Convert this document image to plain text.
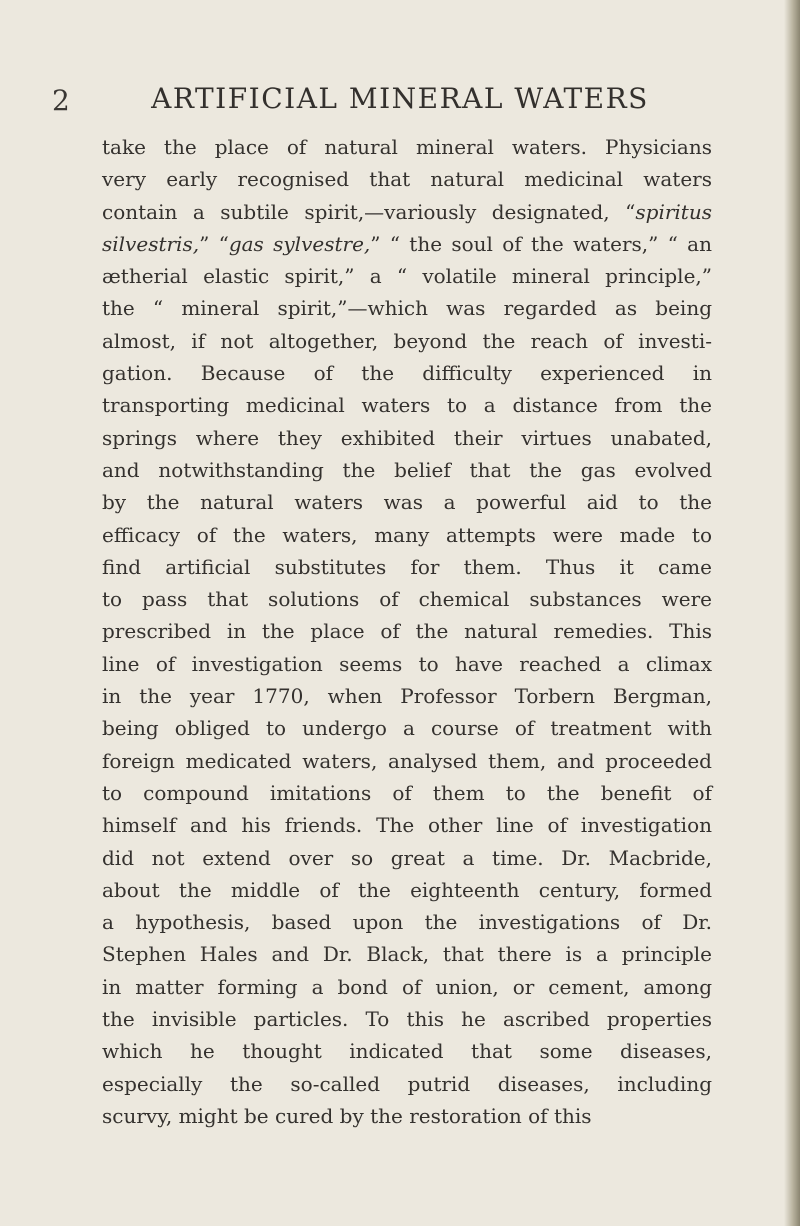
2	ARTIFICIAL MINERAL WATERS
take the place of natural mineral waters. Physicians
very early recognised that natural medicinal waters
contain a subtile spirit,—variously designated, “spiritus
silvestris,” “gas sylvestre,” “ the soul of the waters,” “ an
ætherial elastic spirit,” a “ volatile mineral principle,”
the “ mineral spirit,”—which was regarded as being
almost, if not altogether, beyond the reach of investi-
gation. Because of the difficulty experienced in
transporting medicinal waters to a distance from the
springs where they exhibited their virtues unabated,
and notwithstanding the belief that the gas evolved
by the natural waters was a powerful aid to the
efficacy of the waters, many attempts were made to
find artificial substitutes for them. Thus it came
to pass that solutions of chemical substances were
prescribed in the place of the natural remedies. This
line of investigation seems to have reached a climax
in the year 1770, when Professor Torbern Bergman,
being obliged to undergo a course of treatment with
foreign medicated waters, analysed them, and proceeded
to compound imitations of them to the benefit of
himself and his friends. The other line of investigation
did not extend over so great a time. Dr. Macbride,
about the middle of the eighteenth century, formed
a hypothesis, based upon the investigations of Dr.
Stephen Hales and Dr. Black, that there is a principle
in matter forming a bond of union, or cement, among
the invisible particles. To this he ascribed properties
which he thought indicated that some diseases,
especially the so-called putrid diseases, including
scurvy, might be cured by the restoration of this
